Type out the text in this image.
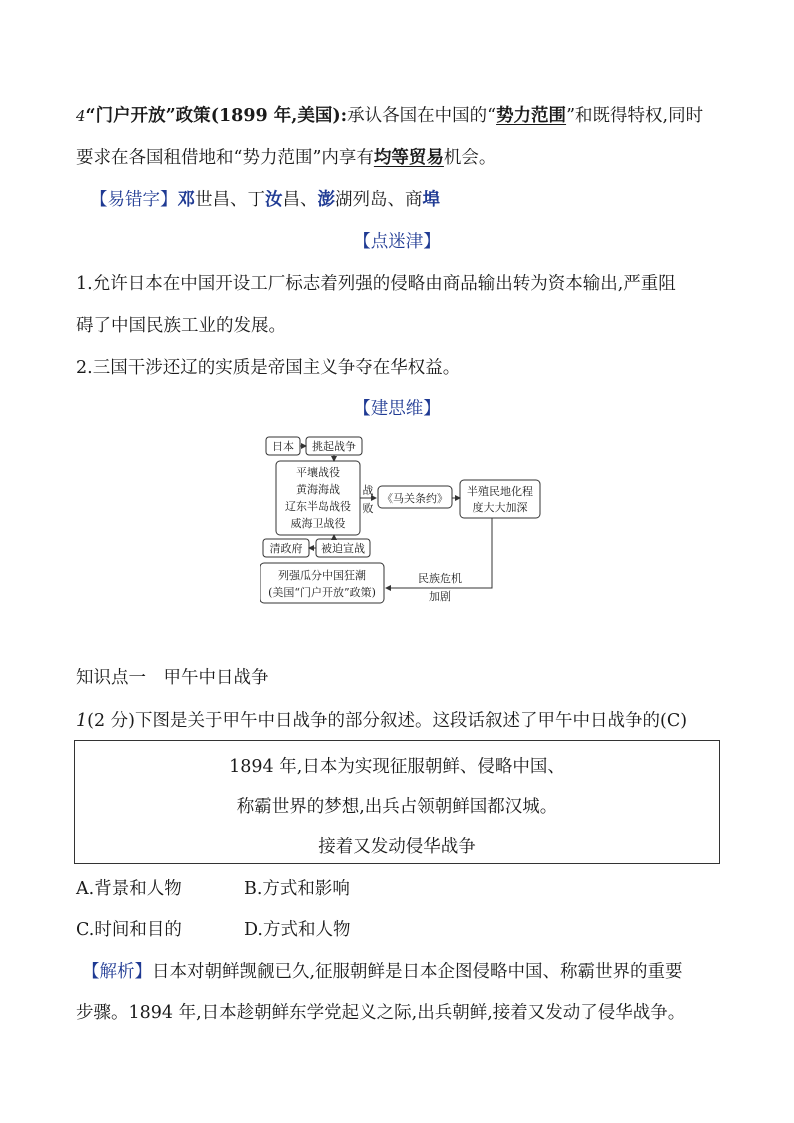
4“门户开放”政策(1899 年,美国):承认各国在中国的“势力范围”和既得特权,同时
要求在各国租借地和“势力范围”内享有均等贸易机会。
【易错字】邓世昌、丁汝昌、澎湖列岛、商埠
【点迷津】
1.允许日本在中国开设工厂标志着列强的侵略由商品输出转为资本输出,严重阻
碍了中国民族工业的发展。
2.三国干涉还辽的实质是帝国主义争夺在华权益。
【建思维】
日本 挑起战争
平壤战役
黄海海战
辽东半岛战役
威海卫战役
战
败
《马关条约》
半殖民地化程
度大大加深
清政府 被迫宣战
列强瓜分中国狂潮
(美国“门户开放”政策)
民族危机
加剧
知识点一　甲午中日战争
1(2 分)下图是关于甲午中日战争的部分叙述。这段话叙述了甲午中日战争的(C)
1894 年,日本为实现征服朝鲜、侵略中国、
称霸世界的梦想,出兵占领朝鲜国都汉城。
接着又发动侵华战争
A.背景和人物	B.方式和影响
C.时间和目的	D.方式和人物
【解析】日本对朝鲜觊觎已久,征服朝鲜是日本企图侵略中国、称霸世界的重要
步骤。1894 年,日本趁朝鲜东学党起义之际,出兵朝鲜,接着又发动了侵华战争。
